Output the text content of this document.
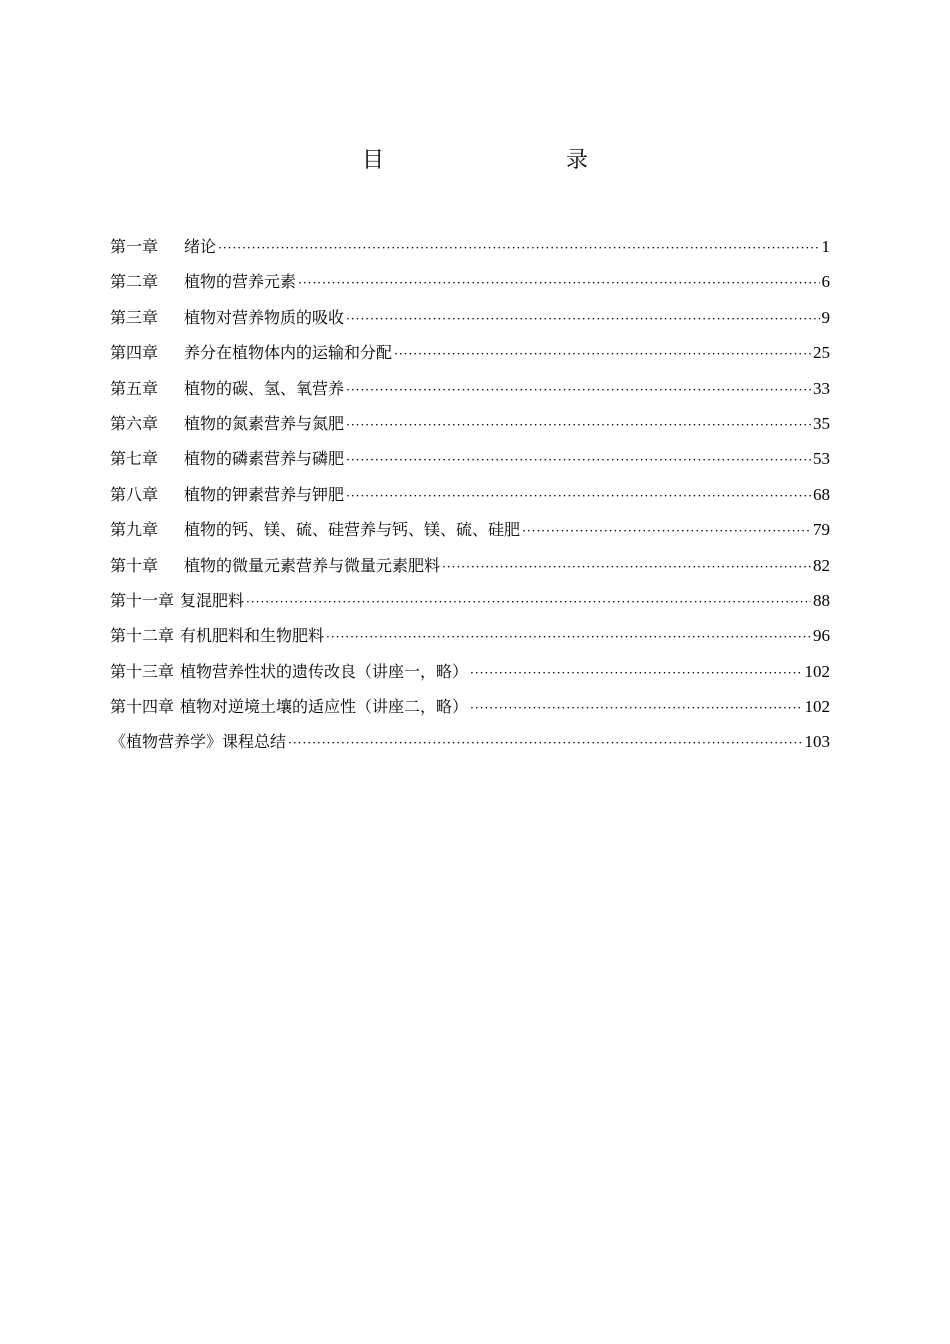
目　　录
第一章	绪论 ·····	1
第二章	植物的营养元素 ·····	6
第三章	植物对营养物质的吸收 ·····	9
第四章	养分在植物体内的运输和分配 ·····	25
第五章	植物的碳、氢、氧营养 ·····	33
第六章	植物的氮素营养与氮肥 ·····	35
第七章	植物的磷素营养与磷肥 ·····	53
第八章	植物的钾素营养与钾肥 ·····	68
第九章	植物的钙、镁、硫、硅营养与钙、镁、硫、硅肥 ·····	79
第十章	植物的微量元素营养与微量元素肥料 ·····	82
第十一章 复混肥料 ·····	88
第十二章 有机肥料和生物肥料 ·····	96
第十三章 植物营养性状的遗传改良（讲座一，略） ·····	102
第十四章 植物对逆境土壤的适应性（讲座二，略） ·····	102
《植物营养学》课程总结 ·····	103
